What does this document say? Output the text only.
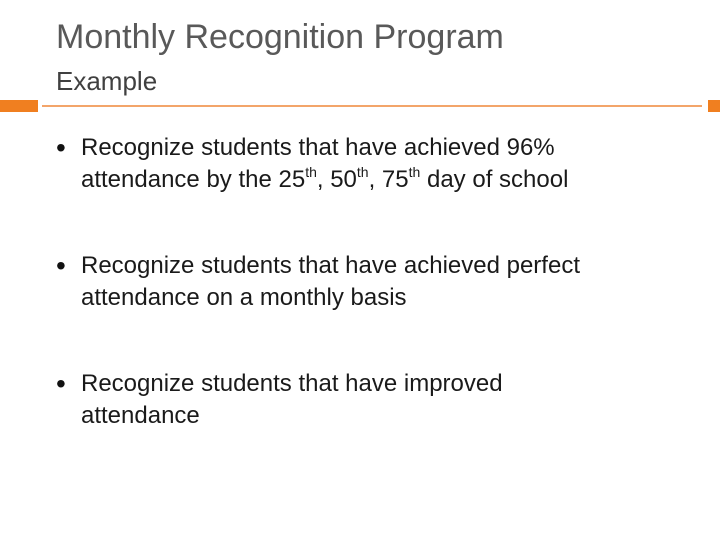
Monthly Recognition Program
Example
• Recognize students that have achieved 96%
attendance by the 25th, 50th, 75th day of school
• Recognize students that have achieved perfect
attendance on a monthly basis
• Recognize students that have improved
attendance
